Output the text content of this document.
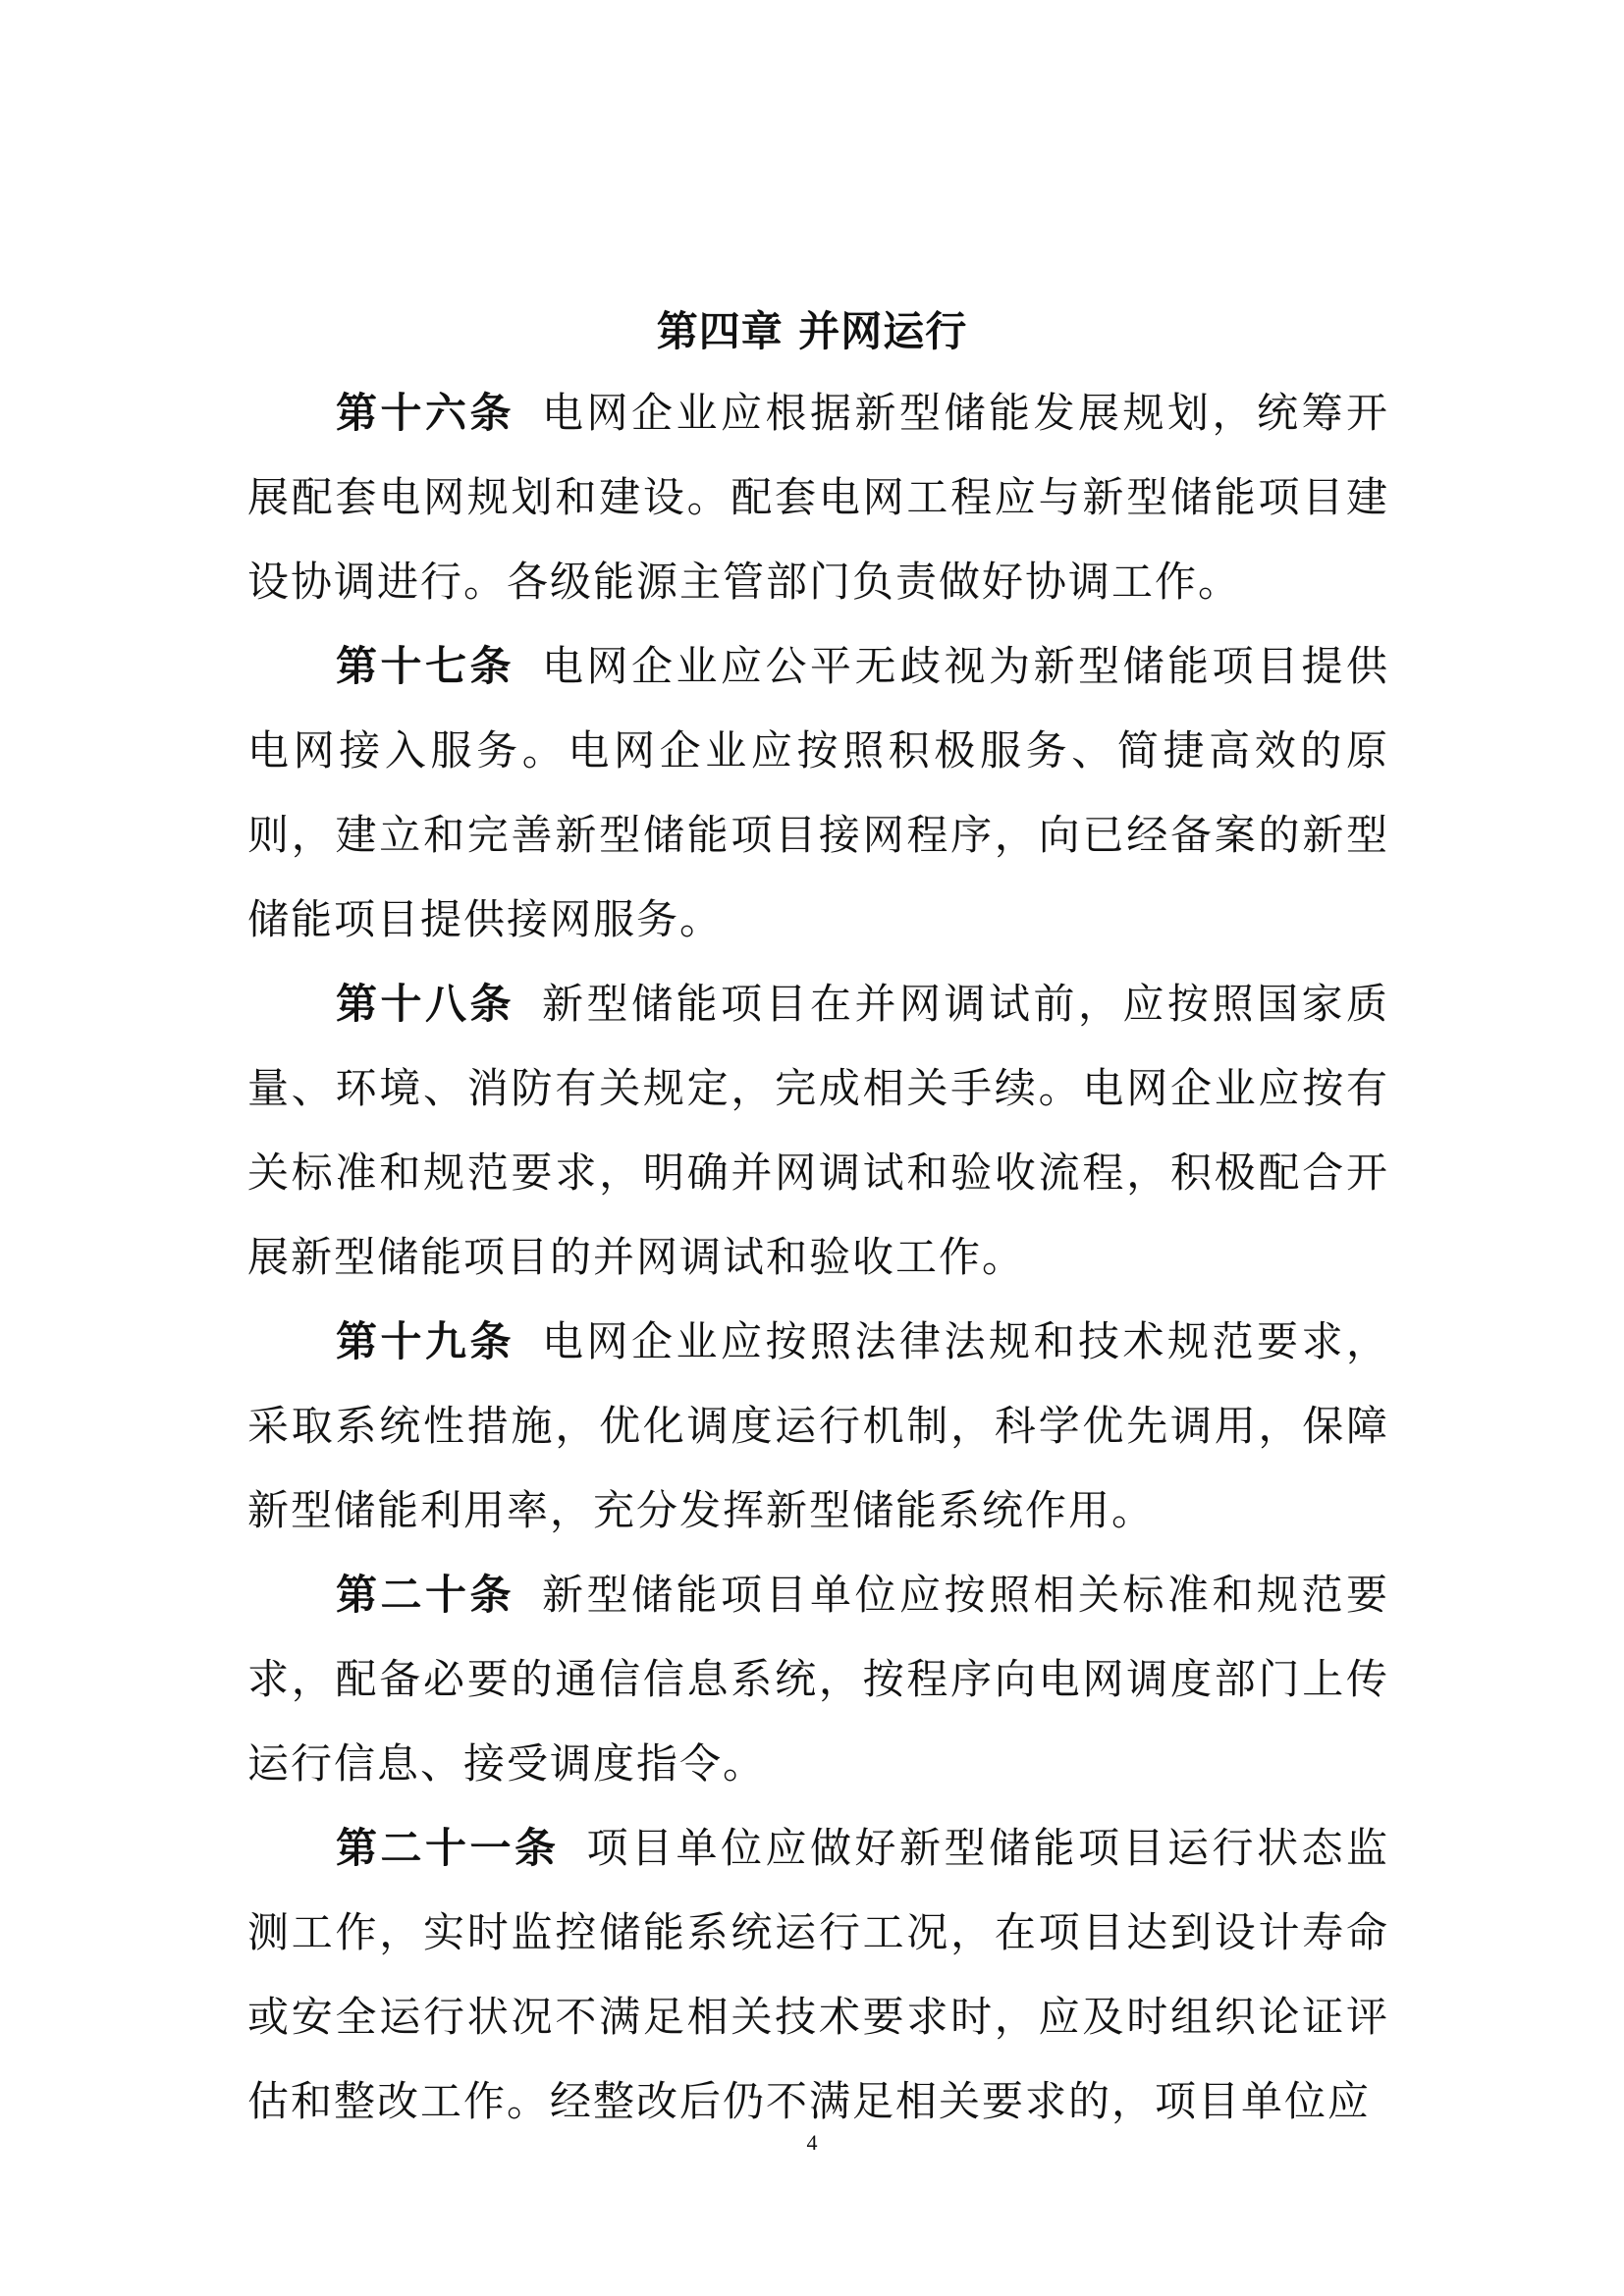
第四章 并网运行

第十六条 电网企业应根据新型储能发展规划，统筹开展配套电网规划和建设。配套电网工程应与新型储能项目建设协调进行。各级能源主管部门负责做好协调工作。

第十七条 电网企业应公平无歧视为新型储能项目提供电网接入服务。电网企业应按照积极服务、简捷高效的原则，建立和完善新型储能项目接网程序，向已经备案的新型储能项目提供接网服务。

第十八条 新型储能项目在并网调试前，应按照国家质量、环境、消防有关规定，完成相关手续。电网企业应按有关标准和规范要求，明确并网调试和验收流程，积极配合开展新型储能项目的并网调试和验收工作。

第十九条 电网企业应按照法律法规和技术规范要求，采取系统性措施，优化调度运行机制，科学优先调用，保障新型储能利用率，充分发挥新型储能系统作用。

第二十条 新型储能项目单位应按照相关标准和规范要求，配备必要的通信信息系统，按程序向电网调度部门上传运行信息、接受调度指令。

第二十一条 项目单位应做好新型储能项目运行状态监测工作，实时监控储能系统运行工况，在项目达到设计寿命或安全运行状况不满足相关技术要求时，应及时组织论证评估和整改工作。经整改后仍不满足相关要求的，项目单位应

4
